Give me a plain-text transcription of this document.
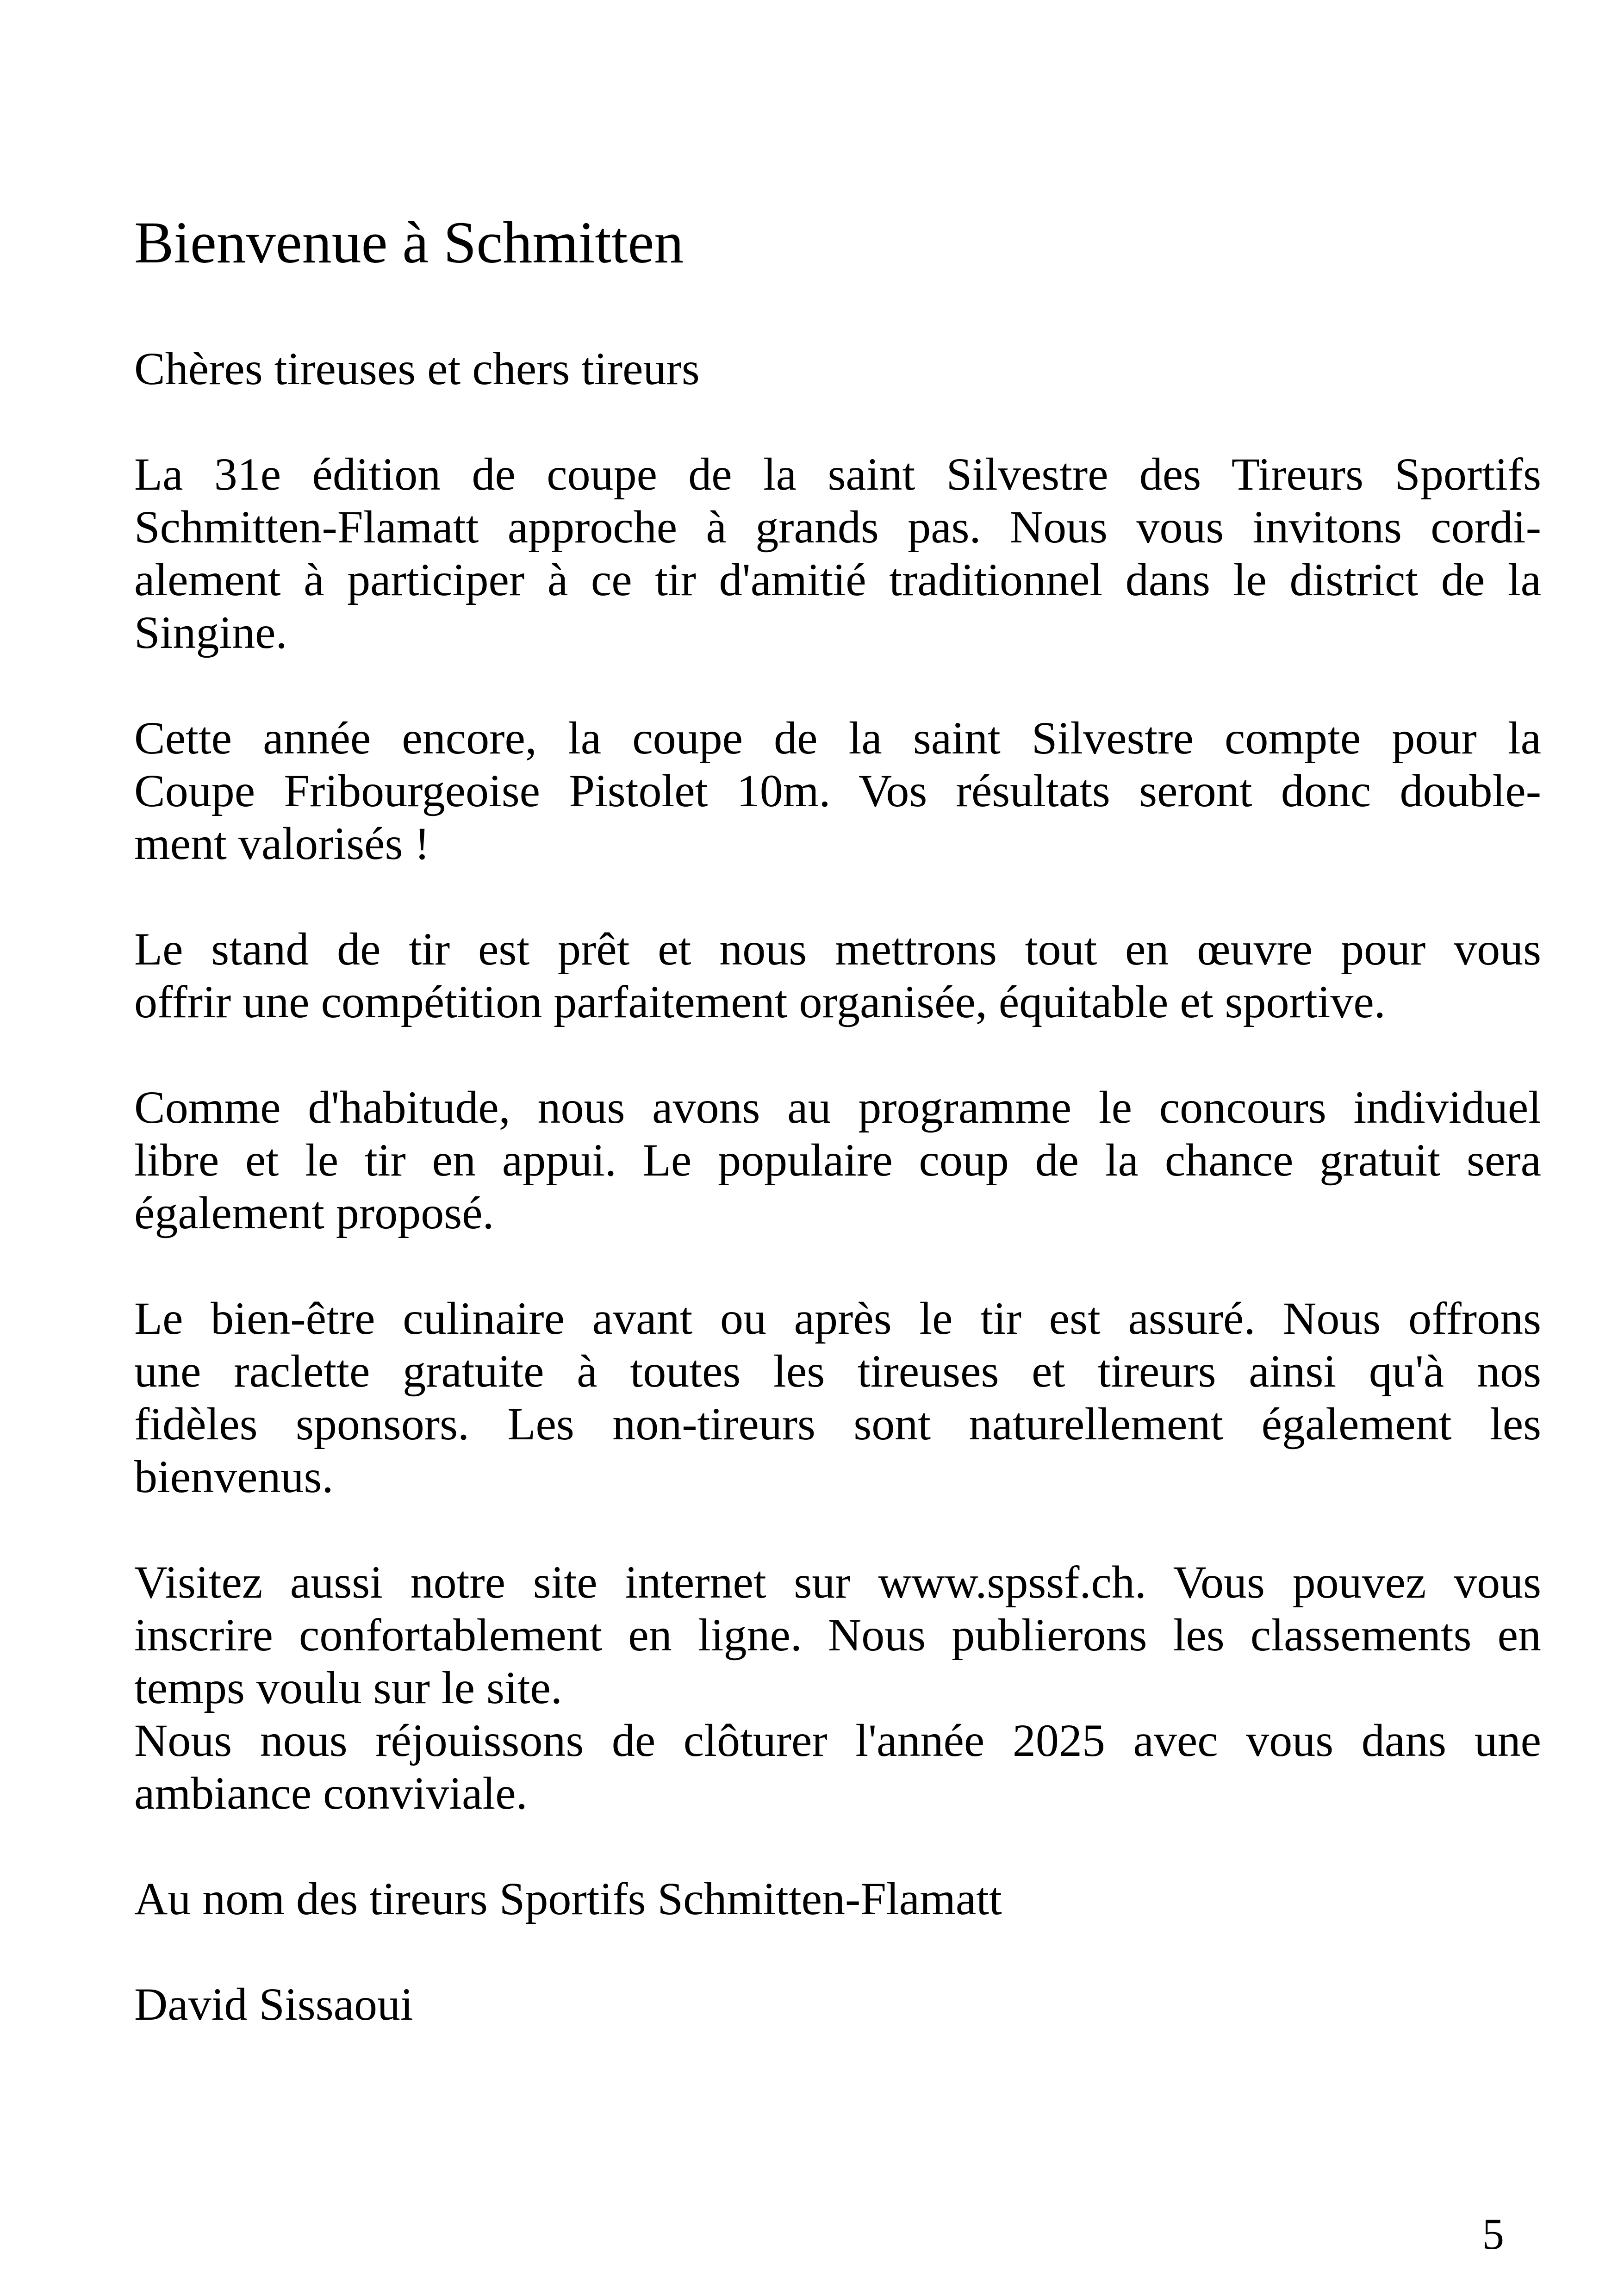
Bienvenue à Schmitten
Chères tireuses et chers tireurs
La 31e édition de coupe de la saint Silvestre des Tireurs Sportifs
Schmitten-Flamatt approche à grands pas. Nous vous invitons cordi-
alement à participer à ce tir d'amitié traditionnel dans le district de la
Singine.
Cette année encore, la coupe de la saint Silvestre compte pour la
Coupe Fribourgeoise Pistolet 10m. Vos résultats seront donc double-
ment valorisés !
Le stand de tir est prêt et nous mettrons tout en œuvre pour vous
offrir une compétition parfaitement organisée, équitable et sportive.
Comme d'habitude, nous avons au programme le concours individuel
libre et le tir en appui. Le populaire coup de la chance gratuit sera
également proposé.
Le bien-être culinaire avant ou après le tir est assuré. Nous offrons
une raclette gratuite à toutes les tireuses et tireurs ainsi qu'à nos
fidèles sponsors. Les non-tireurs sont naturellement également les
bienvenus.
Visitez aussi notre site internet sur www.spssf.ch. Vous pouvez vous
inscrire confortablement en ligne. Nous publierons les classements en
temps voulu sur le site.
Nous nous réjouissons de clôturer l'année 2025 avec vous dans une
ambiance conviviale.
Au nom des tireurs Sportifs Schmitten-Flamatt
David Sissaoui
5
